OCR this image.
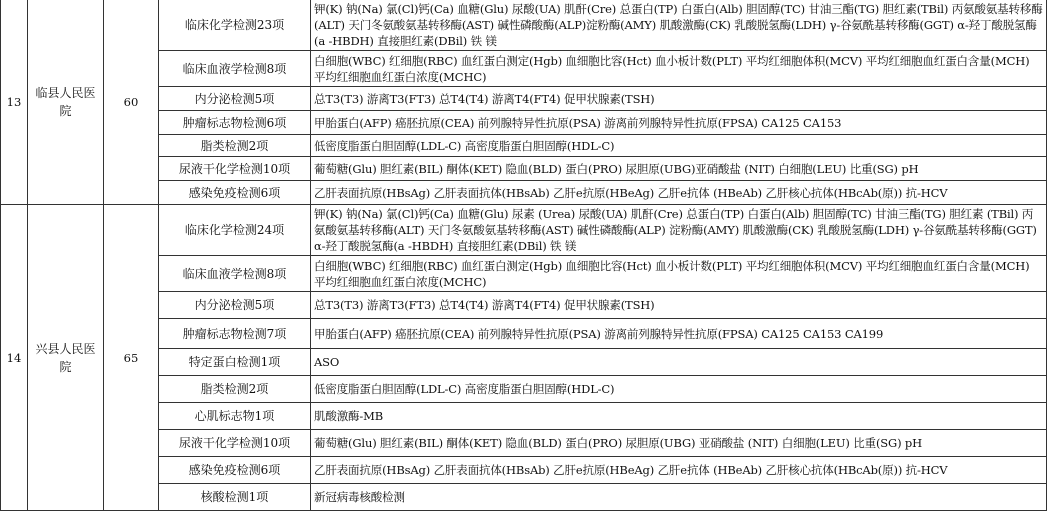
13	临县人民医院	60	临床化学检测23项	钾(K) 钠(Na) 氯(Cl)钙(Ca) 血糖(Glu) 尿酸(UA) 肌酐(Cre) 总蛋白(TP) 白蛋白(Alb) 胆固醇(TC) 甘油三酯(TG) 胆红素(TBil) 丙氨酸氨基转移酶(ALT) 天门冬氨酸氨基转移酶(AST) 碱性磷酸酶(ALP)淀粉酶(AMY) 肌酸激酶(CK) 乳酸脱氢酶(LDH) γ-谷氨酰基转移酶(GGT) α-羟丁酸脱氢酶(a -HBDH) 直接胆红素(DBil) 铁 镁
			临床血液学检测8项	白细胞(WBC) 红细胞(RBC) 血红蛋白测定(Hgb) 血细胞比容(Hct) 血小板计数(PLT) 平均红细胞体积(MCV) 平均红细胞血红蛋白含量(MCH) 平均红细胞血红蛋白浓度(MCHC)
			内分泌检测5项	总T3(T3) 游离T3(FT3) 总T4(T4) 游离T4(FT4) 促甲状腺素(TSH)
			肿瘤标志物检测6项	甲胎蛋白(AFP) 癌胚抗原(CEA) 前列腺特异性抗原(PSA) 游离前列腺特异性抗原(FPSA) CA125 CA153
			脂类检测2项	低密度脂蛋白胆固醇(LDL-C) 高密度脂蛋白胆固醇(HDL-C)
			尿液干化学检测10项	葡萄糖(Glu) 胆红素(BIL) 酮体(KET) 隐血(BLD) 蛋白(PRO) 尿胆原(UBG)亚硝酸盐 (NIT) 白细胞(LEU) 比重(SG) pH
			感染免疫检测6项	乙肝表面抗原(HBsAg) 乙肝表面抗体(HBsAb) 乙肝e抗原(HBeAg) 乙肝e抗体 (HBeAb) 乙肝核心抗体(HBcAb(原)) 抗-HCV
14	兴县人民医院	65	临床化学检测24项	钾(K) 钠(Na) 氯(Cl)钙(Ca) 血糖(Glu) 尿素 (Urea) 尿酸(UA) 肌酐(Cre) 总蛋白(TP) 白蛋白(Alb) 胆固醇(TC) 甘油三酯(TG) 胆红素 (TBil) 丙氨酸氨基转移酶(ALT) 天门冬氨酸氨基转移酶(AST) 碱性磷酸酶(ALP) 淀粉酶(AMY) 肌酸激酶(CK) 乳酸脱氢酶(LDH) γ-谷氨酰基转移酶(GGT) α-羟丁酸脱氢酶(a -HBDH) 直接胆红素(DBil) 铁 镁
			临床血液学检测8项	白细胞(WBC) 红细胞(RBC) 血红蛋白测定(Hgb) 血细胞比容(Hct) 血小板计数(PLT) 平均红细胞体积(MCV) 平均红细胞血红蛋白含量(MCH) 平均红细胞血红蛋白浓度(MCHC)
			内分泌检测5项	总T3(T3) 游离T3(FT3) 总T4(T4) 游离T4(FT4) 促甲状腺素(TSH)
			肿瘤标志物检测7项	甲胎蛋白(AFP) 癌胚抗原(CEA) 前列腺特异性抗原(PSA) 游离前列腺特异性抗原(FPSA) CA125 CA153 CA199
			特定蛋白检测1项	ASO
			脂类检测2项	低密度脂蛋白胆固醇(LDL-C) 高密度脂蛋白胆固醇(HDL-C)
			心肌标志物1项	肌酸激酶-MB
			尿液干化学检测10项	葡萄糖(Glu) 胆红素(BIL) 酮体(KET) 隐血(BLD) 蛋白(PRO) 尿胆原(UBG) 亚硝酸盐 (NIT) 白细胞(LEU) 比重(SG) pH
			感染免疫检测6项	乙肝表面抗原(HBsAg) 乙肝表面抗体(HBsAb) 乙肝e抗原(HBeAg) 乙肝e抗体 (HBeAb) 乙肝核心抗体(HBcAb(原)) 抗-HCV
			核酸检测1项	新冠病毒核酸检测
